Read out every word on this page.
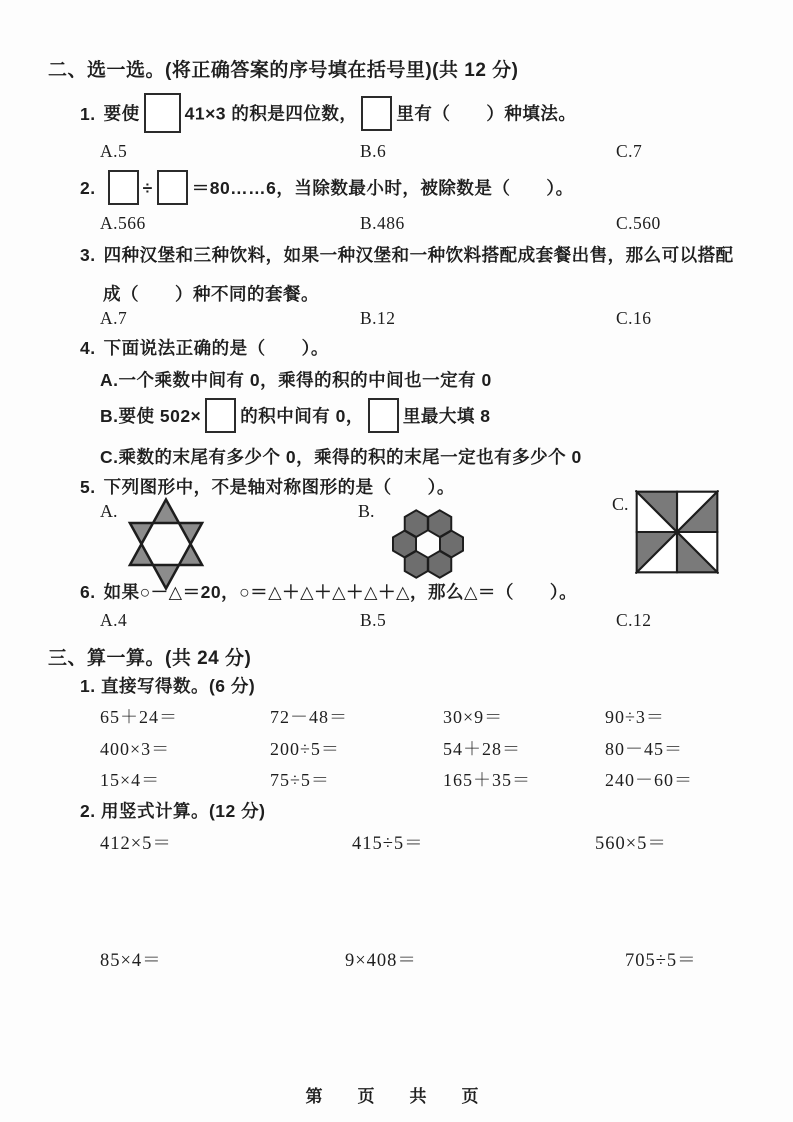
二、选一选。(将正确答案的序号填在括号里)(共 12 分)
1. 要使	41×3 的积是四位数， 里有（　　）种填法。
A.5	B.6	C.7
2.	÷ ＝80……6，当除数最小时，被除数是（　　）。
A.566	B.486	C.560
3. 四种汉堡和三种饮料，如果一种汉堡和一种饮料搭配成套餐出售，那么可以搭配
成（　　）种不同的套餐。
A.7	B.12	C.16
4. 下面说法正确的是（　　）。
A.一个乘数中间有 0，乘得的积的中间也一定有 0
B.要使 502× 的积中间有 0， 里最大填 8
C.乘数的末尾有多少个 0，乘得的积的末尾一定也有多少个 0
5. 下列图形中，不是轴对称图形的是（　　）。
A.	B.	C.
6. 如果○－△＝20，○＝△＋△＋△＋△＋△，那么△＝（　　）。
A.4	B.5	C.12
三、算一算。(共 24 分)
1. 直接写得数。(6 分)
65＋24＝	72－48＝	30×9＝	90÷3＝
400×3＝	200÷5＝	54＋28＝	80－45＝
15×4＝	75÷5＝	165＋35＝	240－60＝
2. 用竖式计算。(12 分)
412×5＝	415÷5＝	560×5＝
85×4＝	9×408＝	705÷5＝
第　页　共　页
